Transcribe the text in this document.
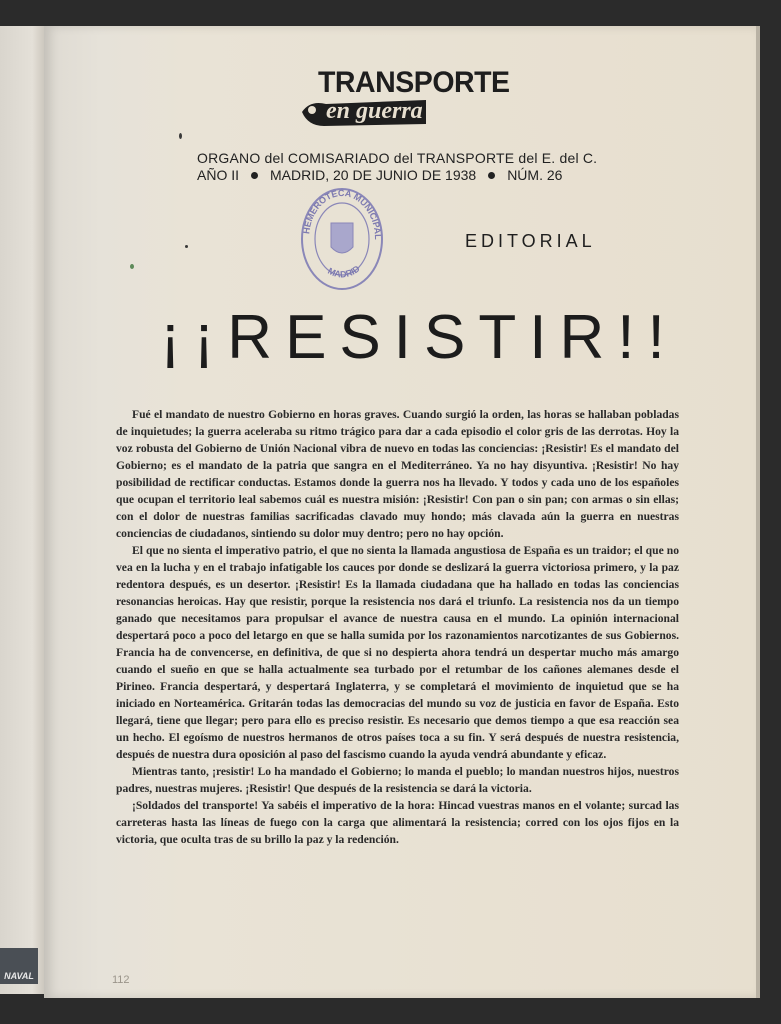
NAVAL
TRANSPORTE
en guerra
ORGANO del COMISARIADO del TRANSPORTE del E. del C.
AÑO II MADRID, 20 DE JUNIO DE 1938 NÚM. 26
HEMEROTECA MUNICIPAL
MADRID
EDITORIAL
¡¡RESISTIR!!

Fué el mandato de nuestro Gobierno en horas graves. Cuando surgió la orden, las horas se hallaban pobladas de inquietudes; la guerra aceleraba su ritmo trágico para dar a cada episodio el color gris de las derrotas. Hoy la voz robusta del Gobierno de Unión Nacional vibra de nuevo en todas las conciencias: ¡Resistir! Es el mandato del Gobierno; es el mandato de la patria que sangra en el Mediterráneo. Ya no hay disyuntiva. ¡Resistir! No hay posibilidad de rectificar conductas. Estamos donde la guerra nos ha llevado. Y todos y cada uno de los españoles que ocupan el territorio leal sabemos cuál es nuestra misión: ¡Resistir! Con pan o sin pan; con armas o sin ellas; con el dolor de nuestras familias sacrificadas clavado muy hondo; más clavada aún la guerra en nuestras conciencias de ciudadanos, sintiendo su dolor muy dentro; pero no hay opción.

El que no sienta el imperativo patrio, el que no sienta la llamada angustiosa de España es un traidor; el que no vea en la lucha y en el trabajo infatigable los cauces por donde se deslizará la guerra victoriosa primero, y la paz redentora después, es un desertor. ¡Resistir! Es la llamada ciudadana que ha hallado en todas las conciencias resonancias heroicas. Hay que resistir, porque la resistencia nos dará el triunfo. La resistencia nos da un tiempo ganado que necesitamos para propulsar el avance de nuestra causa en el mundo. La opinión internacional despertará poco a poco del letargo en que se halla sumida por los razonamientos narcotizantes de sus Gobiernos. Francia ha de convencerse, en definitiva, de que si no despierta ahora tendrá un despertar mucho más amargo cuando el sueño en que se halla actualmente sea turbado por el retumbar de los cañones alemanes desde el Pirineo. Francia despertará, y despertará Inglaterra, y se completará el movimiento de inquietud que se ha iniciado en Norteamérica. Gritarán todas las democracias del mundo su voz de justicia en favor de España. Esto llegará, tiene que llegar; pero para ello es preciso resistir. Es necesario que demos tiempo a que esa reacción sea un hecho. El egoísmo de nuestros hermanos de otros países toca a su fin. Y será después de nuestra resistencia, después de nuestra dura oposición al paso del fascismo cuando la ayuda vendrá abundante y eficaz.

Mientras tanto, ¡resistir! Lo ha mandado el Gobierno; lo manda el pueblo; lo mandan nuestros hijos, nuestros padres, nuestras mujeres. ¡Resistir! Que después de la resistencia se dará la victoria.

¡Soldados del transporte! Ya sabéis el imperativo de la hora: Hincad vuestras manos en el volante; surcad las carreteras hasta las líneas de fuego con la carga que alimentará la resistencia; corred con los ojos fijos en la victoria, que oculta tras de su brillo la paz y la redención.

112
